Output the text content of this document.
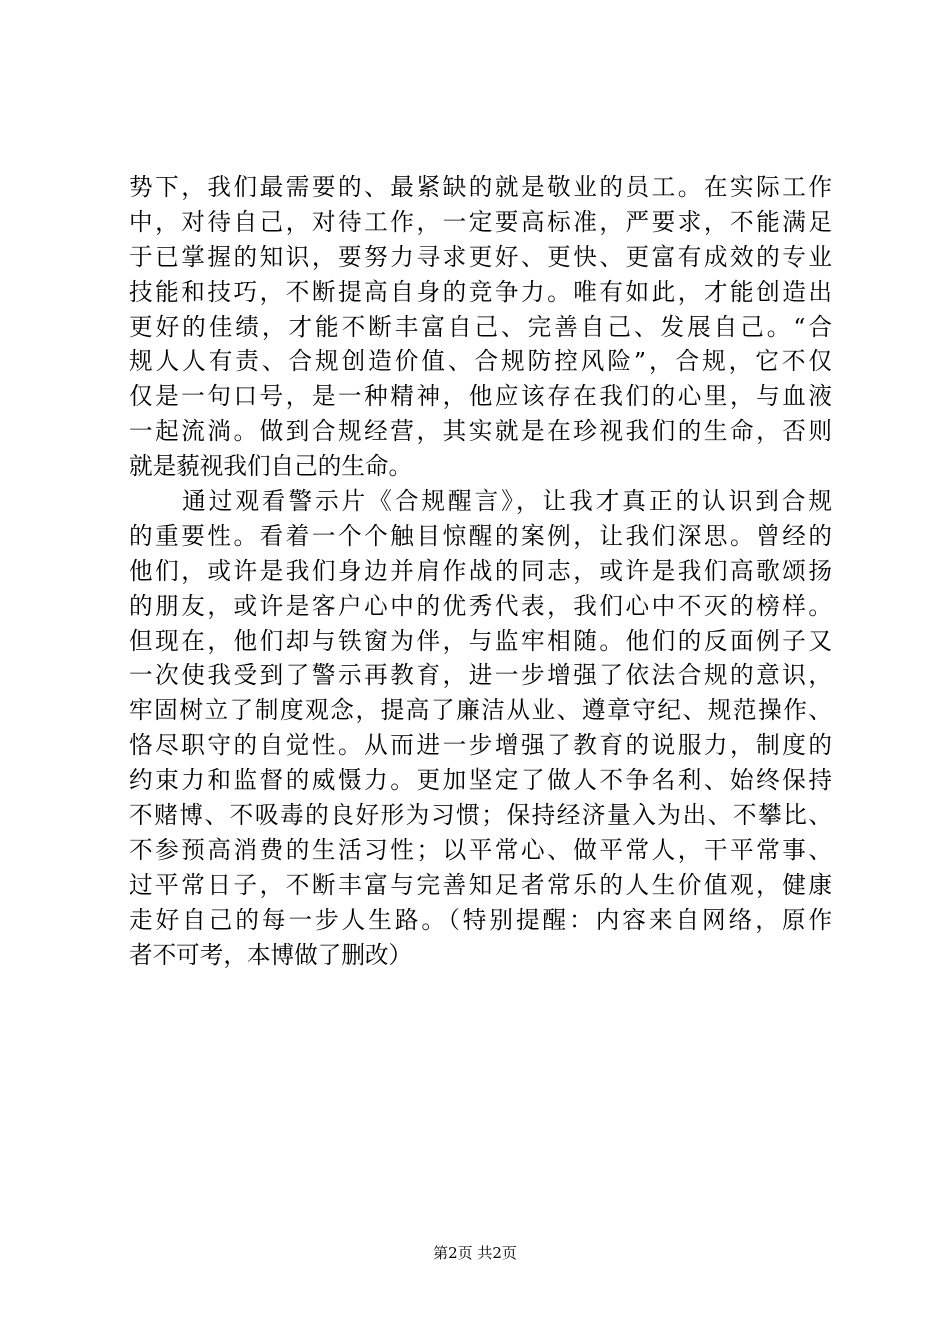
势下，我们最需要的、最紧缺的就是敬业的员工。在实际工作
中，对待自己，对待工作，一定要高标准，严要求，不能满足
于已掌握的知识，要努力寻求更好、更快、更富有成效的专业
技能和技巧，不断提高自身的竞争力。唯有如此，才能创造出
更好的佳绩，才能不断丰富自己、完善自己、发展自己。“合
规人人有责、合规创造价值、合规防控风险”，合规，它不仅
仅是一句口号，是一种精神，他应该存在我们的心里，与血液
一起流淌。做到合规经营，其实就是在珍视我们的生命，否则
就是藐视我们自己的生命。
　　通过观看警示片《合规醒言》，让我才真正的认识到合规
的重要性。看着一个个触目惊醒的案例，让我们深思。曾经的
他们，或许是我们身边并肩作战的同志，或许是我们高歌颂扬
的朋友，或许是客户心中的优秀代表，我们心中不灭的榜样。
但现在，他们却与铁窗为伴，与监牢相随。他们的反面例子又
一次使我受到了警示再教育，进一步增强了依法合规的意识，
牢固树立了制度观念，提高了廉洁从业、遵章守纪、规范操作、
恪尽职守的自觉性。从而进一步增强了教育的说服力，制度的
约束力和监督的威慑力。更加坚定了做人不争名利、始终保持
不赌博、不吸毒的良好形为习惯；保持经济量入为出、不攀比、
不参预高消费的生活习性；以平常心、做平常人，干平常事、
过平常日子，不断丰富与完善知足者常乐的人生价值观，健康
走好自己的每一步人生路。（特别提醒：内容来自网络，原作
者不可考，本博做了删改）
第2页 共2页
